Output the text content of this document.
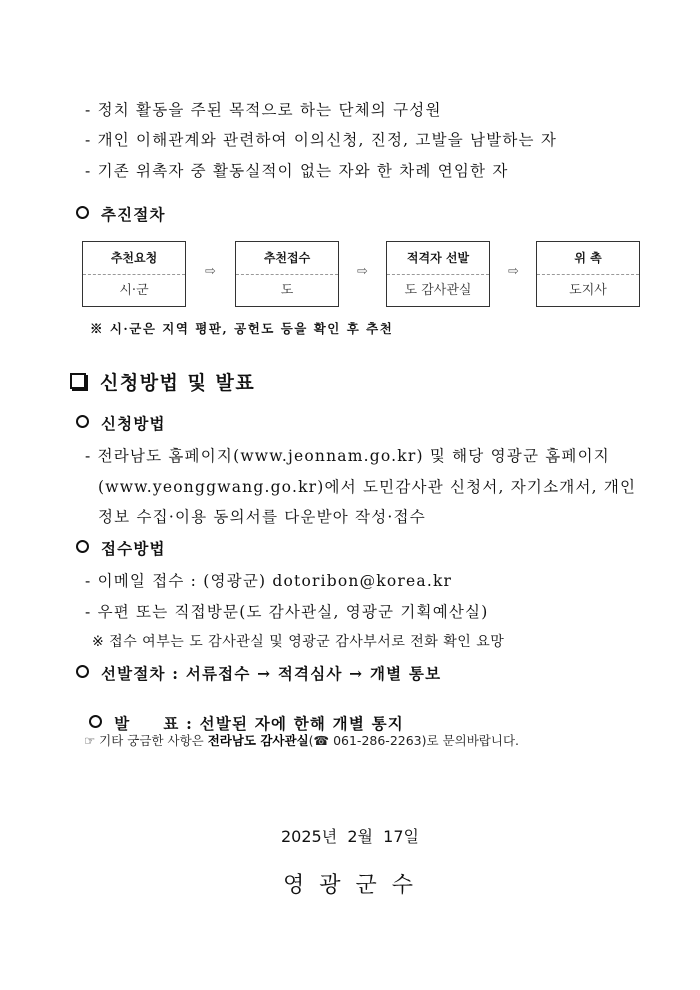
- 정치 활동을 주된 목적으로 하는 단체의 구성원
- 개인 이해관계와 관련하여 이의신청, 진정, 고발을 남발하는 자
- 기존 위촉자 중 활동실적이 없는 자와 한 차례 연임한 자
추진절차
추천요청
시·군
⇨
추천접수
도
⇨
적격자 선발
도 감사관실
⇨
위 촉
도지사
※ 시·군은 지역 평판, 공헌도 등을 확인 후 추천
신청방법 및 발표
신청방법
- 전라남도 홈페이지(www.jeonnam.go.kr) 및 해당 영광군 홈페이지
(www.yeonggwang.go.kr)에서 도민감사관 신청서, 자기소개서, 개인
정보 수집·이용 동의서를 다운받아 작성·접수
접수방법
- 이메일 접수 : (영광군) dotoribon@korea.kr
- 우편 또는 직접방문(도 감사관실, 영광군 기획예산실)
※ 접수 여부는 도 감사관실 및 영광군 감사부서로 전화 확인 요망
선발절차 : 서류접수 → 적격심사 → 개별 통보

발     표 : 선발된 자에 한해 개별 통지

☞ 기타 궁금한 사항은 전라남도 감사관실(☎ 061-286-2263)로 문의바랍니다.
2025년  2월  17일
영 광 군 수
